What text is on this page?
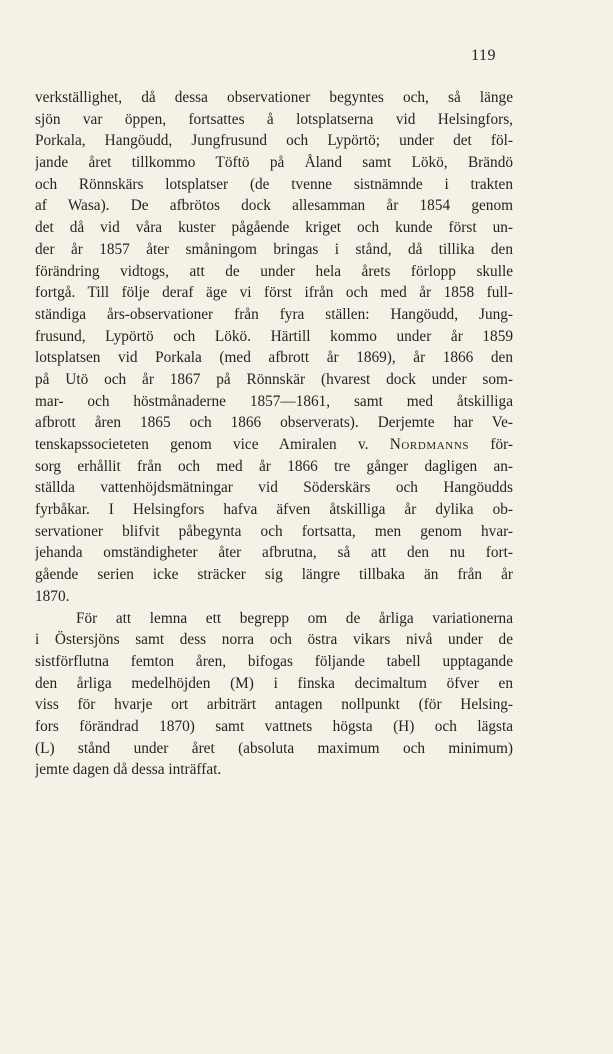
119
verkställighet, då dessa observationer begyntes och, så länge
sjön var öppen, fortsattes å lotsplatserna vid Helsingfors,
Porkala, Hangöudd, Jungfrusund och Lypörtö; under det föl-
jande året tillkommo Töftö på Åland samt Lökö, Brändö
och Rönnskärs lotsplatser (de tvenne sistnämnde i trakten
af Wasa). De afbrötos dock allesamman år 1854 genom
det då vid våra kuster pågående kriget och kunde först un-
der år 1857 åter småningom bringas i stånd, då tillika den
förändring vidtogs, att de under hela årets förlopp skulle
fortgå. Till följe deraf äge vi först ifrån och med år 1858 full-
ständiga års-observationer från fyra ställen: Hangöudd, Jung-
frusund, Lypörtö och Lökö. Härtill kommo under år 1859
lotsplatsen vid Porkala (med afbrott år 1869), år 1866 den
på Utö och år 1867 på Rönnskär (hvarest dock under som-
mar- och höstmånaderne 1857—1861, samt med åtskilliga
afbrott åren 1865 och 1866 observerats). Derjemte har Ve-
tenskapssocieteten genom vice Amiralen v. Nordmanns för-
sorg erhållit från och med år 1866 tre gånger dagligen an-
ställda vattenhöjdsmätningar vid Söderskärs och Hangöudds
fyrbåkar. I Helsingfors hafva äfven åtskilliga år dylika ob-
servationer blifvit påbegynta och fortsatta, men genom hvar-
jehanda omständigheter åter afbrutna, så att den nu fort-
gående serien icke sträcker sig längre tillbaka än från år
1870.
För att lemna ett begrepp om de årliga variationerna
i Östersjöns samt dess norra och östra vikars nivå under de
sistförflutna femton åren, bifogas följande tabell upptagande
den årliga medelhöjden (M) i finska decimaltum öfver en
viss för hvarje ort arbiträrt antagen nollpunkt (för Helsing-
fors förändrad 1870) samt vattnets högsta (H) och lägsta
(L) stånd under året (absoluta maximum och minimum)
jemte dagen då dessa inträffat.
